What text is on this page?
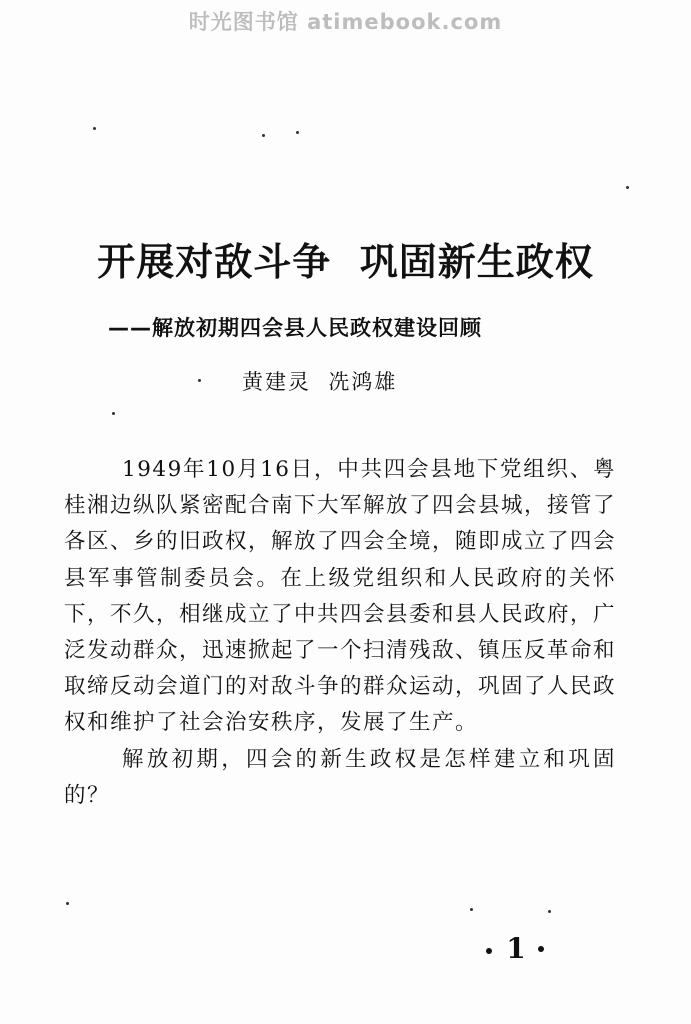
时光图书馆 atimebook.com
开展对敌斗争  巩固新生政权
——解放初期四会县人民政权建设回顾
黄建灵  冼鸿雄

1949年10月16日，中共四会县地下党组织、粤桂湘边纵队紧密配合南下大军解放了四会县城，接管了各区、乡的旧政权，解放了四会全境，随即成立了四会县军事管制委员会。在上级党组织和人民政府的关怀下，不久，相继成立了中共四会县委和县人民政府，广泛发动群众，迅速掀起了一个扫清残敌、镇压反革命和取缔反动会道门的对敌斗争的群众运动，巩固了人民政权和维护了社会治安秩序，发展了生产。

解放初期，四会的新生政权是怎样建立和巩固的？

1
